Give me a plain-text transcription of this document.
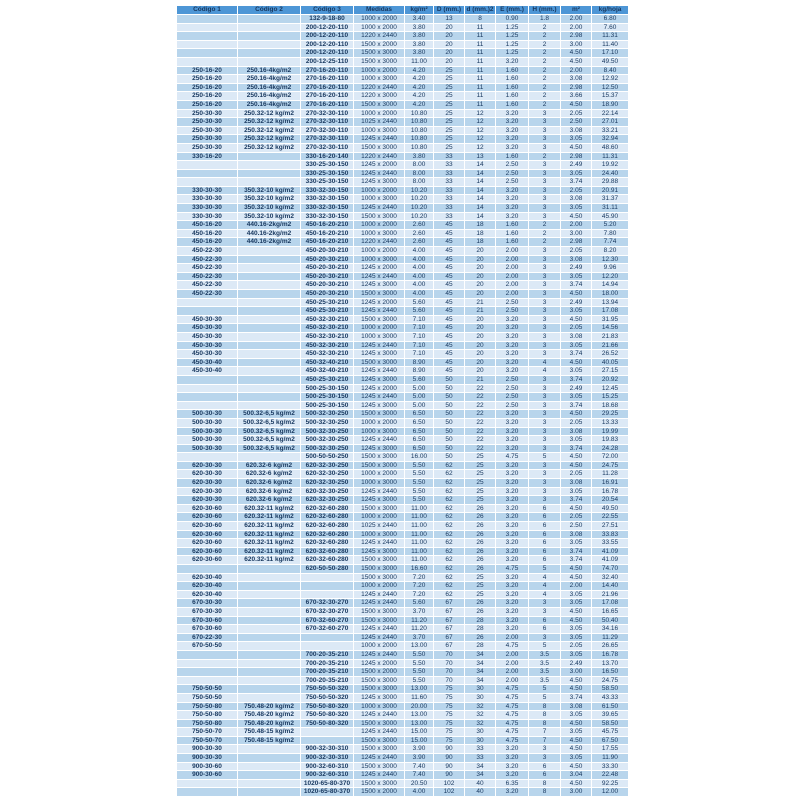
Código 1	Código 2	Código 3	Medidas	kg/m²	D (mm.)	d (mm.)2	E (mm.)	H (mm.)	m²	kg/hoja
		132-9-18-80	1000 x 2000	3.40	13	8	0.90	1.8	2.00	6.80
		200-12-20-110	1000 x 2000	3.80	20	11	1.25	2	2.00	7.60
		200-12-20-110	1220 x 2440	3.80	20	11	1.25	2	2.98	11.31
		200-12-20-110	1500 x 2000	3.80	20	11	1.25	2	3.00	11.40
		200-12-20-110	1500 x 3000	3.80	20	11	1.25	2	4.50	17.10
		200-12-25-110	1500 x 3000	11.00	20	11	3.20	2	4.50	49.50
250-16-20	250.16-4kg/m2	270-16-20-110	1000 x 2000	4.20	25	11	1.60	2	2.00	8.40
250-16-20	250.16-4kg/m2	270-16-20-110	1000 x 3000	4.20	25	11	1.60	2	3.08	12.92
250-16-20	250.16-4kg/m2	270-16-20-110	1220 x 2440	4.20	25	11	1.60	2	2.98	12.50
250-16-20	250.16-4kg/m2	270-16-20-110	1220 x 3000	4.20	25	11	1.60	2	3.66	15.37
250-16-20	250.16-4kg/m2	270-16-20-110	1500 x 3000	4.20	25	11	1.60	2	4.50	18.90
250-30-30	250.32-12 kg/m2	270-32-30-110	1000 x 2000	10.80	25	12	3.20	3	2.05	22.14
250-30-30	250.32-12 kg/m2	270-32-30-110	1025 x 2440	10.80	25	12	3.20	3	2.50	27.01
250-30-30	250.32-12 kg/m2	270-32-30-110	1000 x 3000	10.80	25	12	3.20	3	3.08	33.21
250-30-30	250.32-12 kg/m2	270-32-30-110	1245 x 2440	10.80	25	12	3.20	3	3.05	32.94
250-30-30	250.32-12 kg/m2	270-32-30-110	1500 x 3000	10.80	25	12	3.20	3	4.50	48.60
330-16-20		330-16-20-140	1220 x 2440	3.80	33	13	1.60	2	2.98	11.31
		330-25-30-150	1245 x 2000	8.00	33	14	2.50	3	2.49	19.92
		330-25-30-150	1245 x 2440	8.00	33	14	2.50	3	3.05	24.40
		330-25-30-150	1245 x 3000	8.00	33	14	2.50	3	3.74	29.88
330-30-30	350.32-10 kg/m2	330-32-30-150	1000 x 2000	10.20	33	14	3.20	3	2.05	20.91
330-30-30	350.32-10 kg/m2	330-32-30-150	1000 x 3000	10.20	33	14	3.20	3	3.08	31.37
330-30-30	350.32-10 kg/m2	330-32-30-150	1245 x 2440	10.20	33	14	3.20	3	3.05	31.11
330-30-30	350.32-10 kg/m2	330-32-30-150	1500 x 3000	10.20	33	14	3.20	3	4.50	45.90
450-16-20	440.16-2kg/m2	450-16-20-210	1000 x 2000	2.60	45	18	1.60	2	2.00	5.20
450-16-20	440.16-2kg/m2	450-16-20-210	1000 x 3000	2.60	45	18	1.60	2	3.00	7.80
450-16-20	440.16-2kg/m2	450-16-20-210	1220 x 2440	2.60	45	18	1.60	2	2.98	7.74
450-22-30		450-20-30-210	1000 x 2000	4.00	45	20	2.00	3	2.05	8.20
450-22-30		450-20-30-210	1000 x 3000	4.00	45	20	2.00	3	3.08	12.30
450-22-30		450-20-30-210	1245 x 2000	4.00	45	20	2.00	3	2.49	9.96
450-22-30		450-20-30-210	1245 x 2440	4.00	45	20	2.00	3	3.05	12.20
450-22-30		450-20-30-210	1245 x 3000	4.00	45	20	2.00	3	3.74	14.94
450-22-30		450-20-30-210	1500 x 3000	4.00	45	20	2.00	3	4.50	18.00
		450-25-30-210	1245 x 2000	5.60	45	21	2.50	3	2.49	13.94
		450-25-30-210	1245 x 2440	5.60	45	21	2.50	3	3.05	17.08
450-30-30		450-32-30-210	1500 x 3000	7.10	45	20	3.20	3	4.50	31.95
450-30-30		450-32-30-210	1000 x 2000	7.10	45	20	3.20	3	2.05	14.56
450-30-30		450-32-30-210	1000 x 3000	7.10	45	20	3.20	3	3.08	21.83
450-30-30		450-32-30-210	1245 x 2440	7.10	45	20	3.20	3	3.05	21.66
450-30-30		450-32-30-210	1245 x 3000	7.10	45	20	3.20	3	3.74	26.52
450-30-40		450-32-40-210	1500 x 3000	8.90	45	20	3.20	4	4.50	40.05
450-30-40		450-32-40-210	1245 x 2440	8.90	45	20	3.20	4	3.05	27.15
		450-25-30-210	1245 x 3000	5.60	50	21	2.50	3	3.74	20.92
		500-25-30-150	1245 x 2000	5.00	50	22	2.50	3	2.49	12.45
		500-25-30-150	1245 x 2440	5.00	50	22	2.50	3	3.05	15.25
		500-25-30-150	1245 x 3000	5.00	50	22	2.50	3	3.74	18.68
500-30-30	500.32-6,5 kg/m2	500-32-30-250	1500 x 3000	6.50	50	22	3.20	3	4.50	29.25
500-30-30	500.32-6,5 kg/m2	500-32-30-250	1000 x 2000	6.50	50	22	3.20	3	2.05	13.33
500-30-30	500.32-6,5 kg/m2	500-32-30-250	1000 x 3000	6.50	50	22	3.20	3	3.08	19.99
500-30-30	500.32-6,5 kg/m2	500-32-30-250	1245 x 2440	6.50	50	22	3.20	3	3.05	19.83
500-30-30	500.32-6,5 kg/m2	500-32-30-250	1245 x 3000	6.50	50	22	3.20	3	3.74	24.28
		500-50-50-250	1500 x 3000	16.00	50	25	4.75	5	4.50	72.00
620-30-30	620.32-6 kg/m2	620-32-30-250	1500 x 3000	5.50	62	25	3.20	3	4.50	24.75
620-30-30	620.32-6 kg/m2	620-32-30-250	1000 x 2000	5.50	62	25	3.20	3	2.05	11.28
620-30-30	620.32-6 kg/m2	620-32-30-250	1000 x 3000	5.50	62	25	3.20	3	3.08	16.91
620-30-30	620.32-6 kg/m2	620-32-30-250	1245 x 2440	5.50	62	25	3.20	3	3.05	16.78
620-30-30	620.32-6 kg/m2	620-32-30-250	1245 x 3000	5.50	62	25	3.20	3	3.74	20.54
620-30-60	620.32-11 kg/m2	620-32-60-280	1500 x 3000	11.00	62	26	3.20	6	4.50	49.50
620-30-60	620.32-11 kg/m2	620-32-60-280	1000 x 2000	11.00	62	26	3.20	6	2.05	22.55
620-30-60	620.32-11 kg/m2	620-32-60-280	1025 x 2440	11.00	62	26	3.20	6	2.50	27.51
620-30-60	620.32-11 kg/m2	620-32-60-280	1000 x 3000	11.00	62	26	3.20	6	3.08	33.83
620-30-60	620.32-11 kg/m2	620-32-60-280	1245 x 2440	11.00	62	26	3.20	6	3.05	33.55
620-30-60	620.32-11 kg/m2	620-32-60-280	1245 x 3000	11.00	62	26	3.20	6	3.74	41.09
620-30-60	620.32-11 kg/m2	620-32-60-280	1500 x 3000	11.00	62	26	3.20	6	3.74	41.09
		620-50-50-280	1500 x 3000	16.60	62	26	4.75	5	4.50	74.70
620-30-40			1500 x 3000	7.20	62	25	3.20	4	4.50	32.40
620-30-40			1000 x 2000	7.20	62	25	3.20	4	2.00	14.40
620-30-40			1245 x 2440	7.20	62	25	3.20	4	3.05	21.96
670-30-30		670-32-30-270	1245 x 2440	5.60	67	26	3.20	3	3.05	17.08
670-30-30		670-32-30-270	1500 x 3000	3.70	67	26	3.20	3	4.50	16.65
670-30-60		670-32-60-270	1500 x 3000	11.20	67	28	3.20	6	4.50	50.40
670-30-60		670-32-60-270	1245 x 2440	11.20	67	28	3.20	6	3.05	34.16
670-22-30			1245 x 2440	3.70	67	26	2.00	3	3.05	11.29
670-50-50			1000 x 2000	13.00	67	28	4.75	5	2.05	26.65
		700-20-35-210	1245 x 2440	5.50	70	34	2.00	3.5	3.05	16.78
		700-20-35-210	1245 x 2000	5.50	70	34	2.00	3.5	2.49	13.70
		700-20-35-210	1500 x 2000	5.50	70	34	2.00	3.5	3.00	16.50
		700-20-35-210	1500 x 3000	5.50	70	34	2.00	3.5	4.50	24.75
750-50-50		750-50-50-320	1500 x 3000	13.00	75	30	4.75	5	4.50	58.50
750-50-50		750-50-50-320	1245 x 3000	11.60	75	30	4.75	5	3.74	43.33
750-50-80	750.48-20 kg/m2	750-50-80-320	1000 x 3000	20.00	75	32	4.75	8	3.08	61.50
750-50-80	750.48-20 kg/m2	750-50-80-320	1245 x 2440	13.00	75	32	4.75	8	3.05	39.65
750-50-80	750.48-20 kg/m2	750-50-80-320	1500 x 3000	13.00	75	32	4.75	8	4.50	58.50
750-50-70	750.48-15 kg/m2		1245 x 2440	15.00	75	30	4.75	7	3.05	45.75
750-50-70	750.48-15 kg/m2		1500 x 3000	15.00	75	30	4.75	7	4.50	67.50
900-30-30		900-32-30-310	1500 x 3000	3.90	90	33	3.20	3	4.50	17.55
900-30-30		900-32-30-310	1245 x 2440	3.90	90	33	3.20	3	3.05	11.90
900-30-60		900-32-60-310	1500 x 3000	7.40	90	34	3.20	6	4.50	33.30
900-30-60		900-32-60-310	1245 x 2440	7.40	90	34	3.20	6	3.04	22.48
		1020-65-80-370	1500 x 3000	20.50	102	40	6.35	8	4.50	92.25
		1020-65-80-370	1500 x 2000	4.00	102	40	3.20	8	3.00	12.00
